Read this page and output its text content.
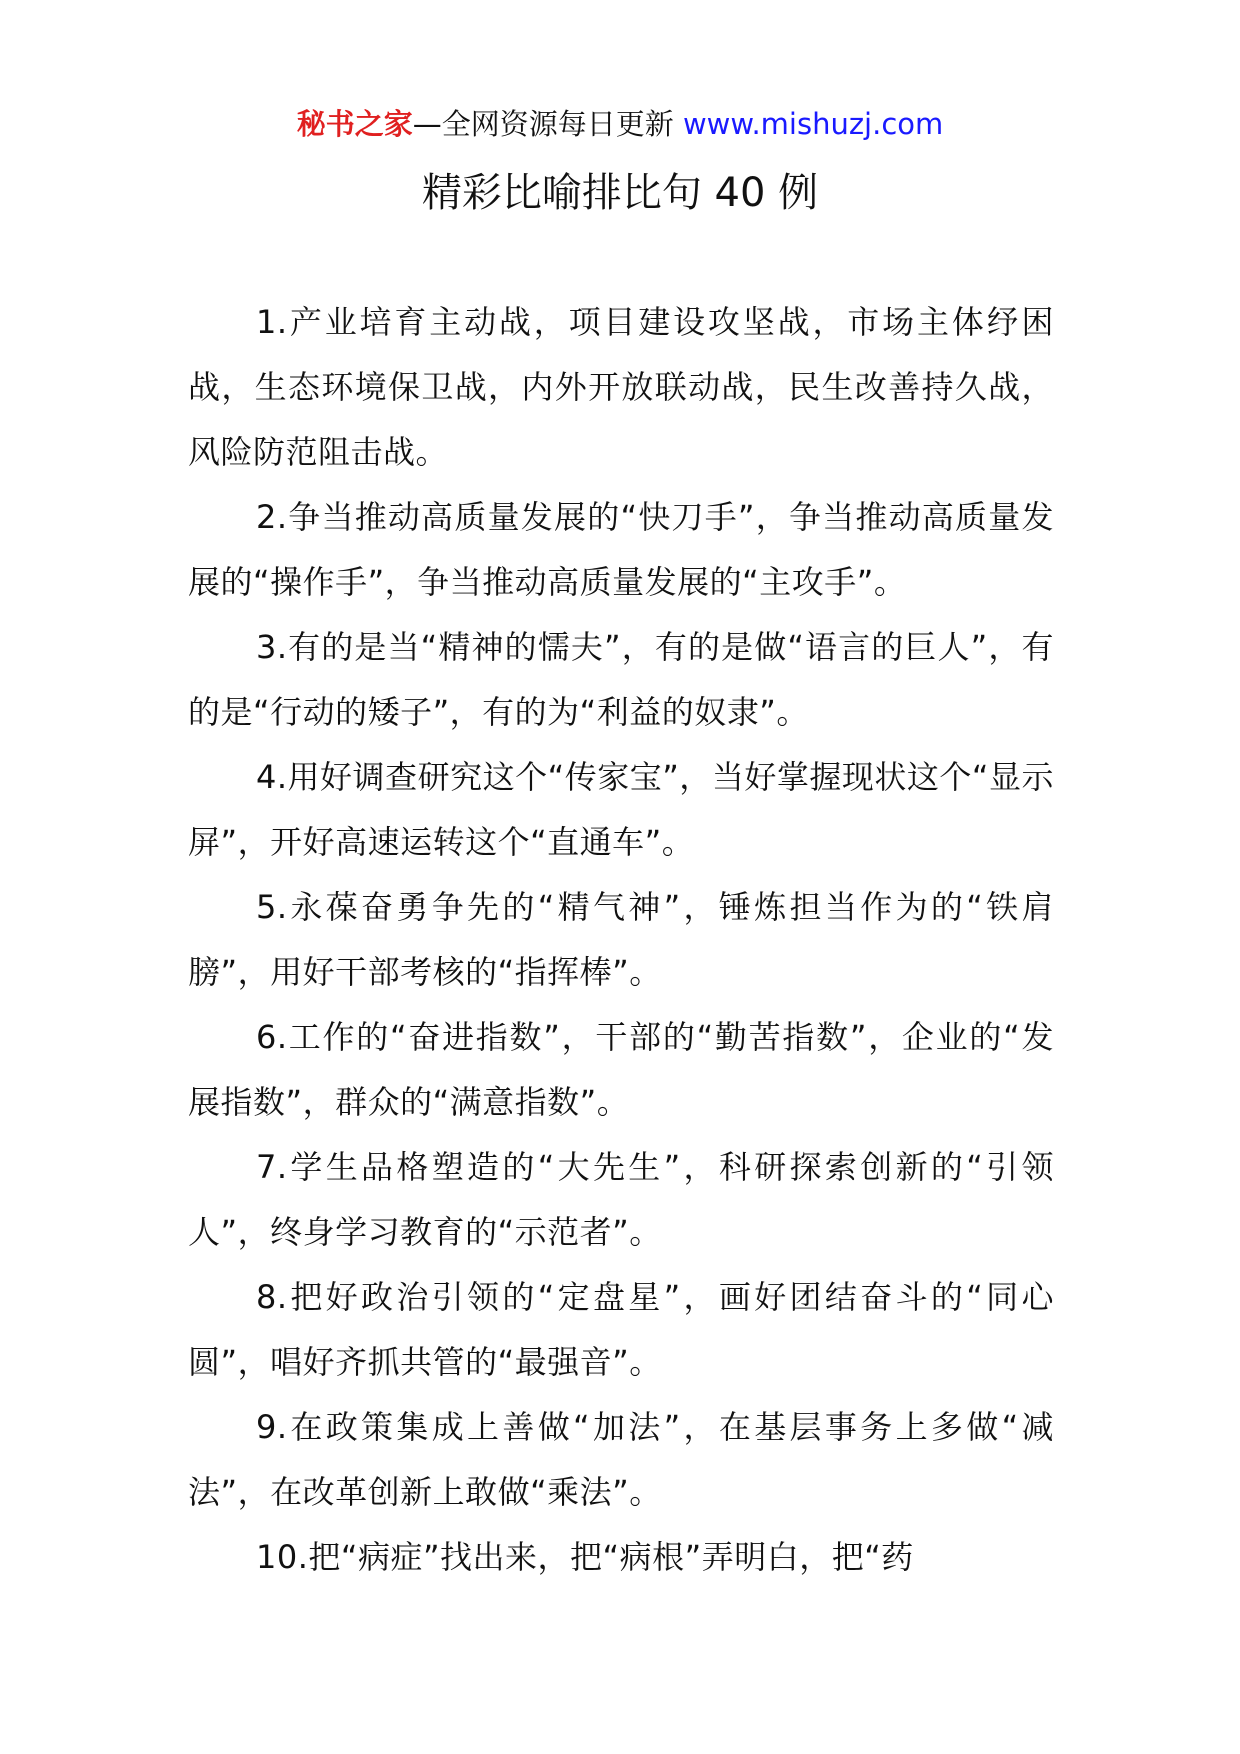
秘书之家—全网资源每日更新 www.mishuzj.com
精彩比喻排比句 40 例

1.产业培育主动战，项目建设攻坚战，市场主体纾困战，生态环境保卫战，内外开放联动战，民生改善持久战，风险防范阻击战。

2.争当推动高质量发展的“快刀手”，争当推动高质量发展的“操作手”，争当推动高质量发展的“主攻手”。

3.有的是当“精神的懦夫”，有的是做“语言的巨人”，有的是“行动的矮子”，有的为“利益的奴隶”。

4.用好调查研究这个“传家宝”，当好掌握现状这个“显示屏”，开好高速运转这个“直通车”。

5.永葆奋勇争先的“精气神”，锤炼担当作为的“铁肩膀”，用好干部考核的“指挥棒”。

6.工作的“奋进指数”，干部的“勤苦指数”，企业的“发展指数”，群众的“满意指数”。

7.学生品格塑造的“大先生”，科研探索创新的“引领人”，终身学习教育的“示范者”。

8.把好政治引领的“定盘星”，画好团结奋斗的“同心圆”，唱好齐抓共管的“最强音”。

9.在政策集成上善做“加法”，在基层事务上多做“减法”，在改革创新上敢做“乘法”。

10.把“病症”找出来，把“病根”弄明白，把“药
